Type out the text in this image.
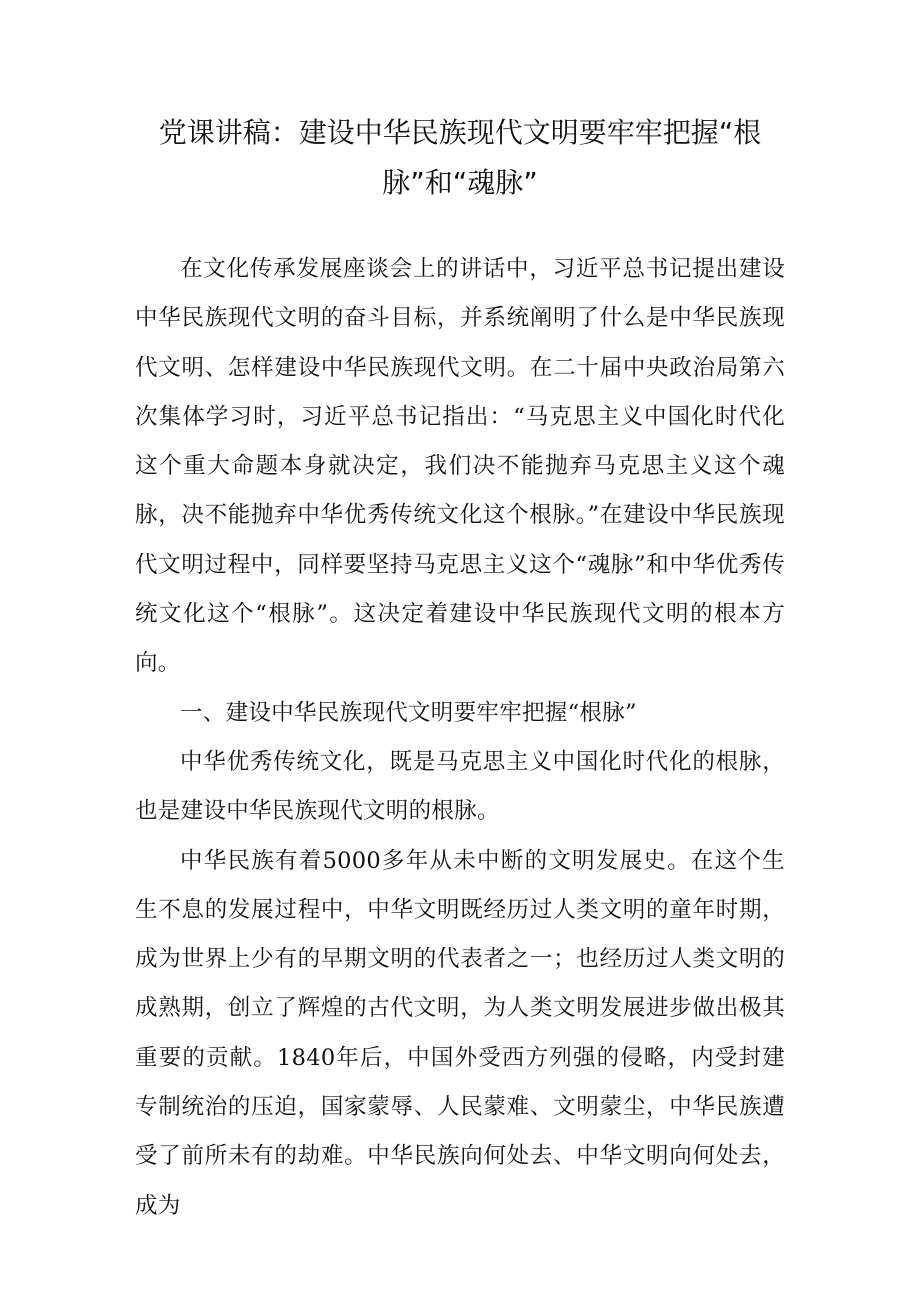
党课讲稿：建设中华民族现代文明要牢牢把握“根脉”和“魂脉”

在文化传承发展座谈会上的讲话中，习近平总书记提出建设中华民族现代文明的奋斗目标，并系统阐明了什么是中华民族现代文明、怎样建设中华民族现代文明。在二十届中央政治局第六次集体学习时，习近平总书记指出：“马克思主义中国化时代化这个重大命题本身就决定，我们决不能抛弃马克思主义这个魂脉，决不能抛弃中华优秀传统文化这个根脉。”在建设中华民族现代文明过程中，同样要坚持马克思主义这个“魂脉”和中华优秀传统文化这个“根脉”。这决定着建设中华民族现代文明的根本方向。

一、建设中华民族现代文明要牢牢把握“根脉”

中华优秀传统文化，既是马克思主义中国化时代化的根脉，也是建设中华民族现代文明的根脉。

中华民族有着5000多年从未中断的文明发展史。在这个生生不息的发展过程中，中华文明既经历过人类文明的童年时期，成为世界上少有的早期文明的代表者之一；也经历过人类文明的成熟期，创立了辉煌的古代文明，为人类文明发展进步做出极其重要的贡献。1840年后，中国外受西方列强的侵略，内受封建专制统治的压迫，国家蒙辱、人民蒙难、文明蒙尘，中华民族遭受了前所未有的劫难。中华民族向何处去、中华文明向何处去，成为
